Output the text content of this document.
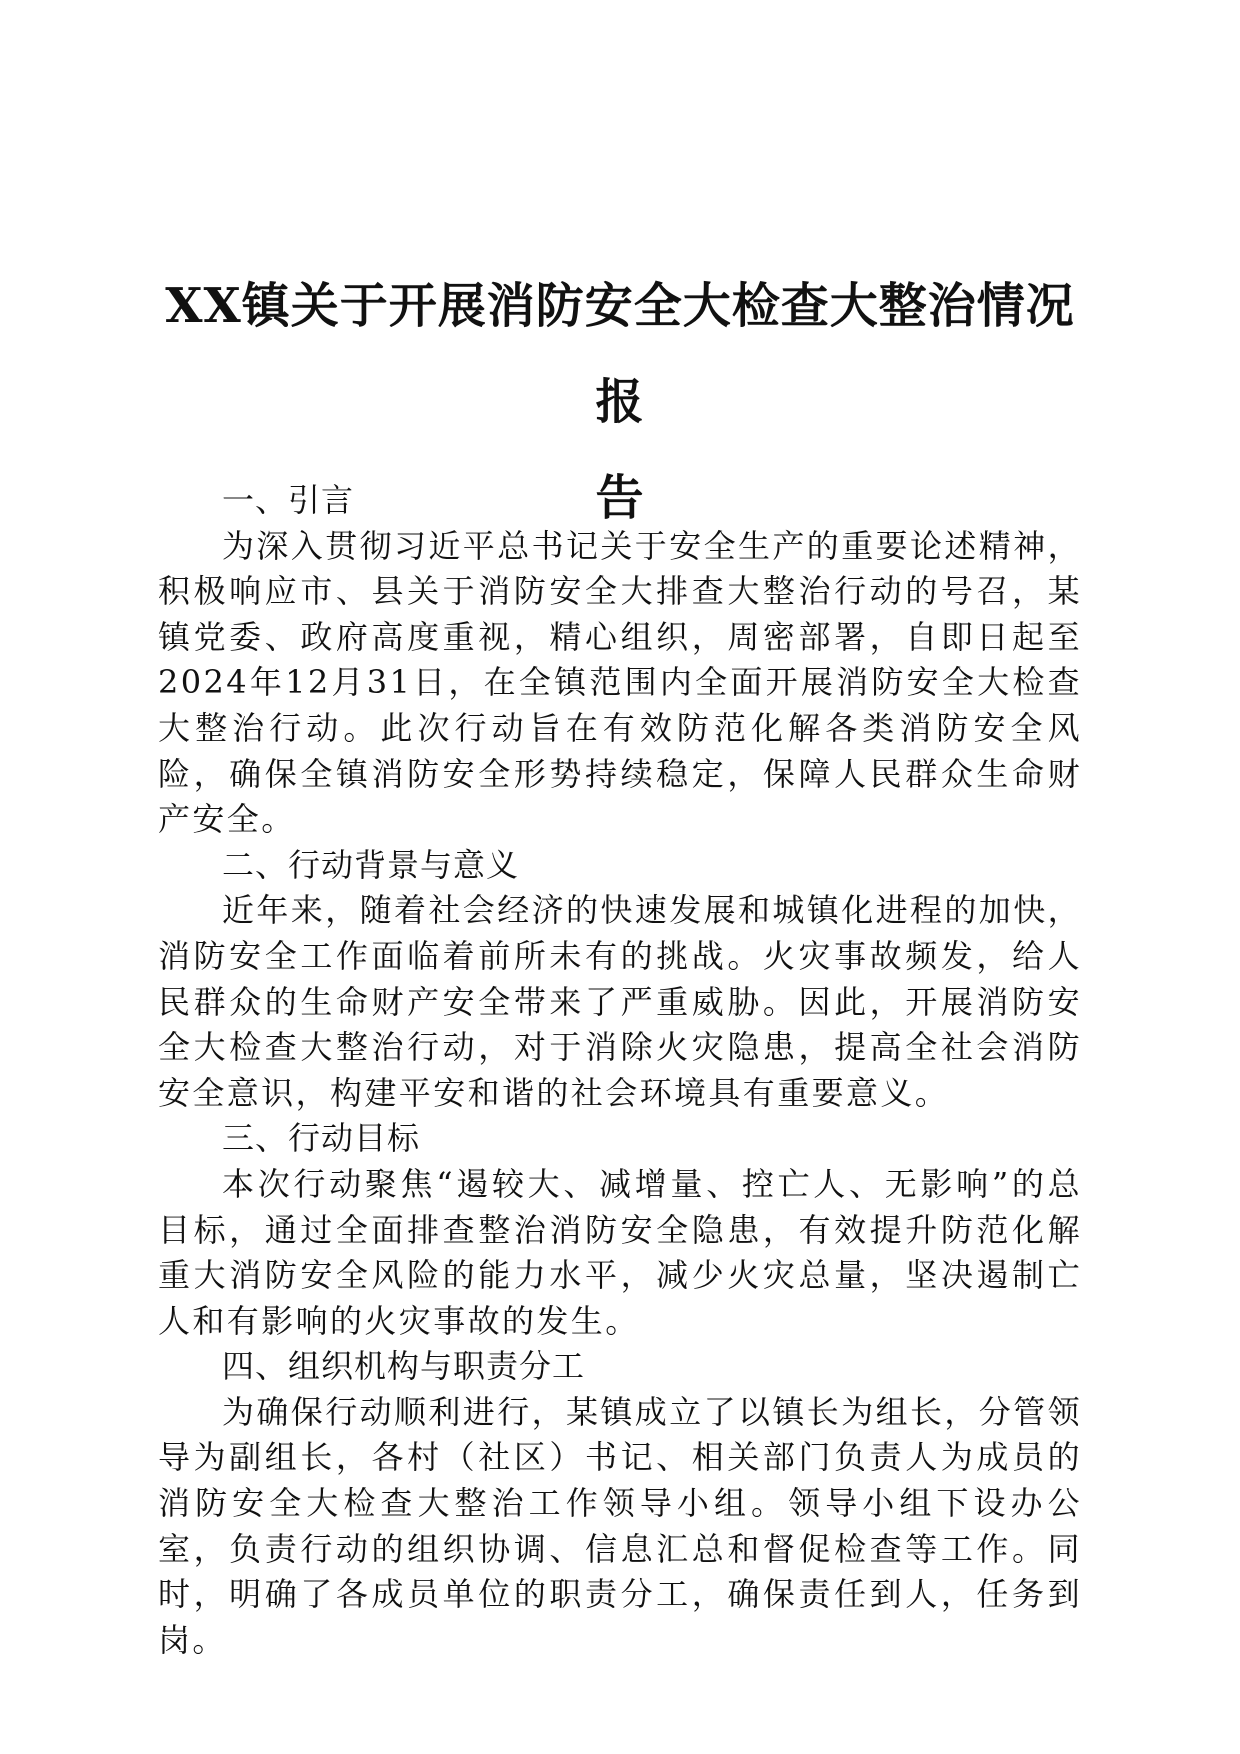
XX镇关于开展消防安全大检查大整治情况报
告
一、引言

为深入贯彻习近平总书记关于安全生产的重要论述精神，积极响应市、县关于消防安全大排查大整治行动的号召，某镇党委、政府高度重视，精心组织，周密部署，自即日起至2024年12月31日，在全镇范围内全面开展消防安全大检查大整治行动。此次行动旨在有效防范化解各类消防安全风险，确保全镇消防安全形势持续稳定，保障人民群众生命财产安全。

二、行动背景与意义

近年来，随着社会经济的快速发展和城镇化进程的加快，消防安全工作面临着前所未有的挑战。火灾事故频发，给人民群众的生命财产安全带来了严重威胁。因此，开展消防安全大检查大整治行动，对于消除火灾隐患，提高全社会消防安全意识，构建平安和谐的社会环境具有重要意义。

三、行动目标

本次行动聚焦“遏较大、减增量、控亡人、无影响”的总目标，通过全面排查整治消防安全隐患，有效提升防范化解重大消防安全风险的能力水平，减少火灾总量，坚决遏制亡人和有影响的火灾事故的发生。

四、组织机构与职责分工

为确保行动顺利进行，某镇成立了以镇长为组长，分管领导为副组长，各村（社区）书记、相关部门负责人为成员的消防安全大检查大整治工作领导小组。领导小组下设办公室，负责行动的组织协调、信息汇总和督促检查等工作。同时，明确了各成员单位的职责分工，确保责任到人，任务到岗。
